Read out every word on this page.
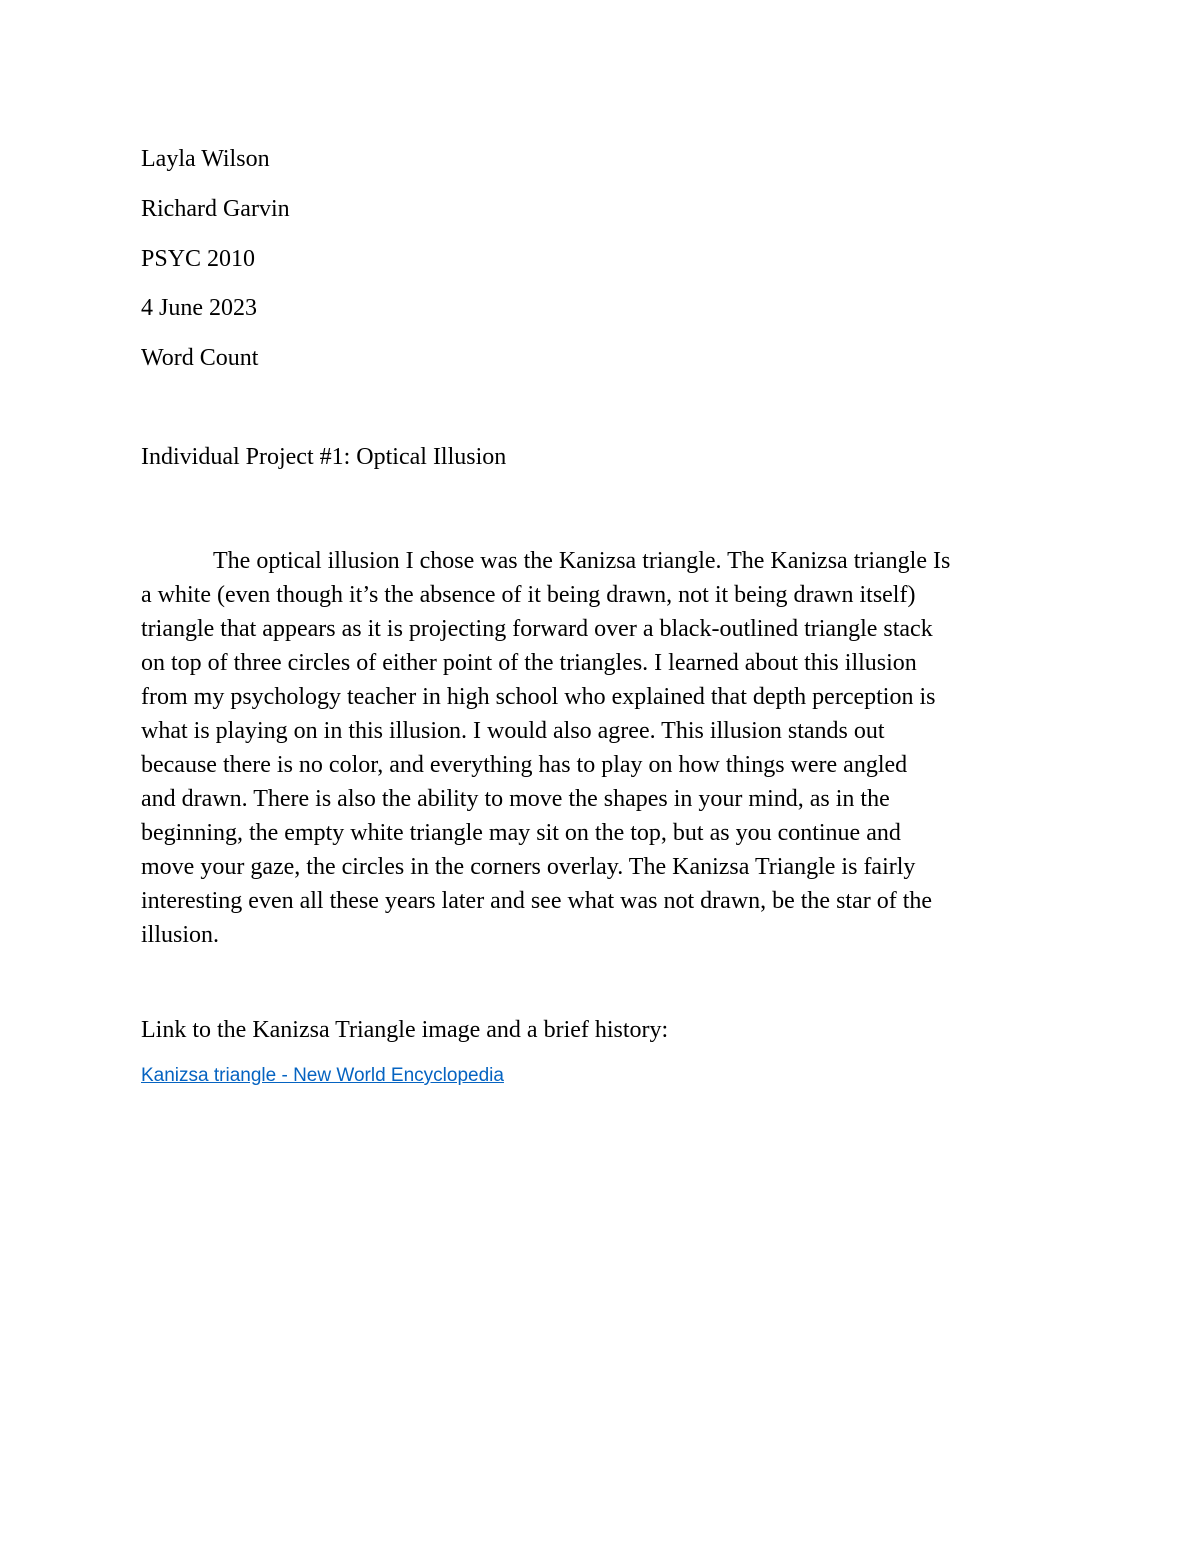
Layla Wilson
Richard Garvin
PSYC 2010
4 June 2023
Word Count
Individual Project #1: Optical Illusion
The optical illusion I chose was the Kanizsa triangle. The Kanizsa triangle Is
a white (even though it’s the absence of it being drawn, not it being drawn itself)
triangle that appears as it is projecting forward over a black-outlined triangle stack
on top of three circles of either point of the triangles. I learned about this illusion
from my psychology teacher in high school who explained that depth perception is
what is playing on in this illusion. I would also agree. This illusion stands out
because there is no color, and everything has to play on how things were angled
and drawn. There is also the ability to move the shapes in your mind, as in the
beginning, the empty white triangle may sit on the top, but as you continue and
move your gaze, the circles in the corners overlay. The Kanizsa Triangle is fairly
interesting even all these years later and see what was not drawn, be the star of the
illusion.
Link to the Kanizsa Triangle image and a brief history:
Kanizsa triangle - New World Encyclopedia
